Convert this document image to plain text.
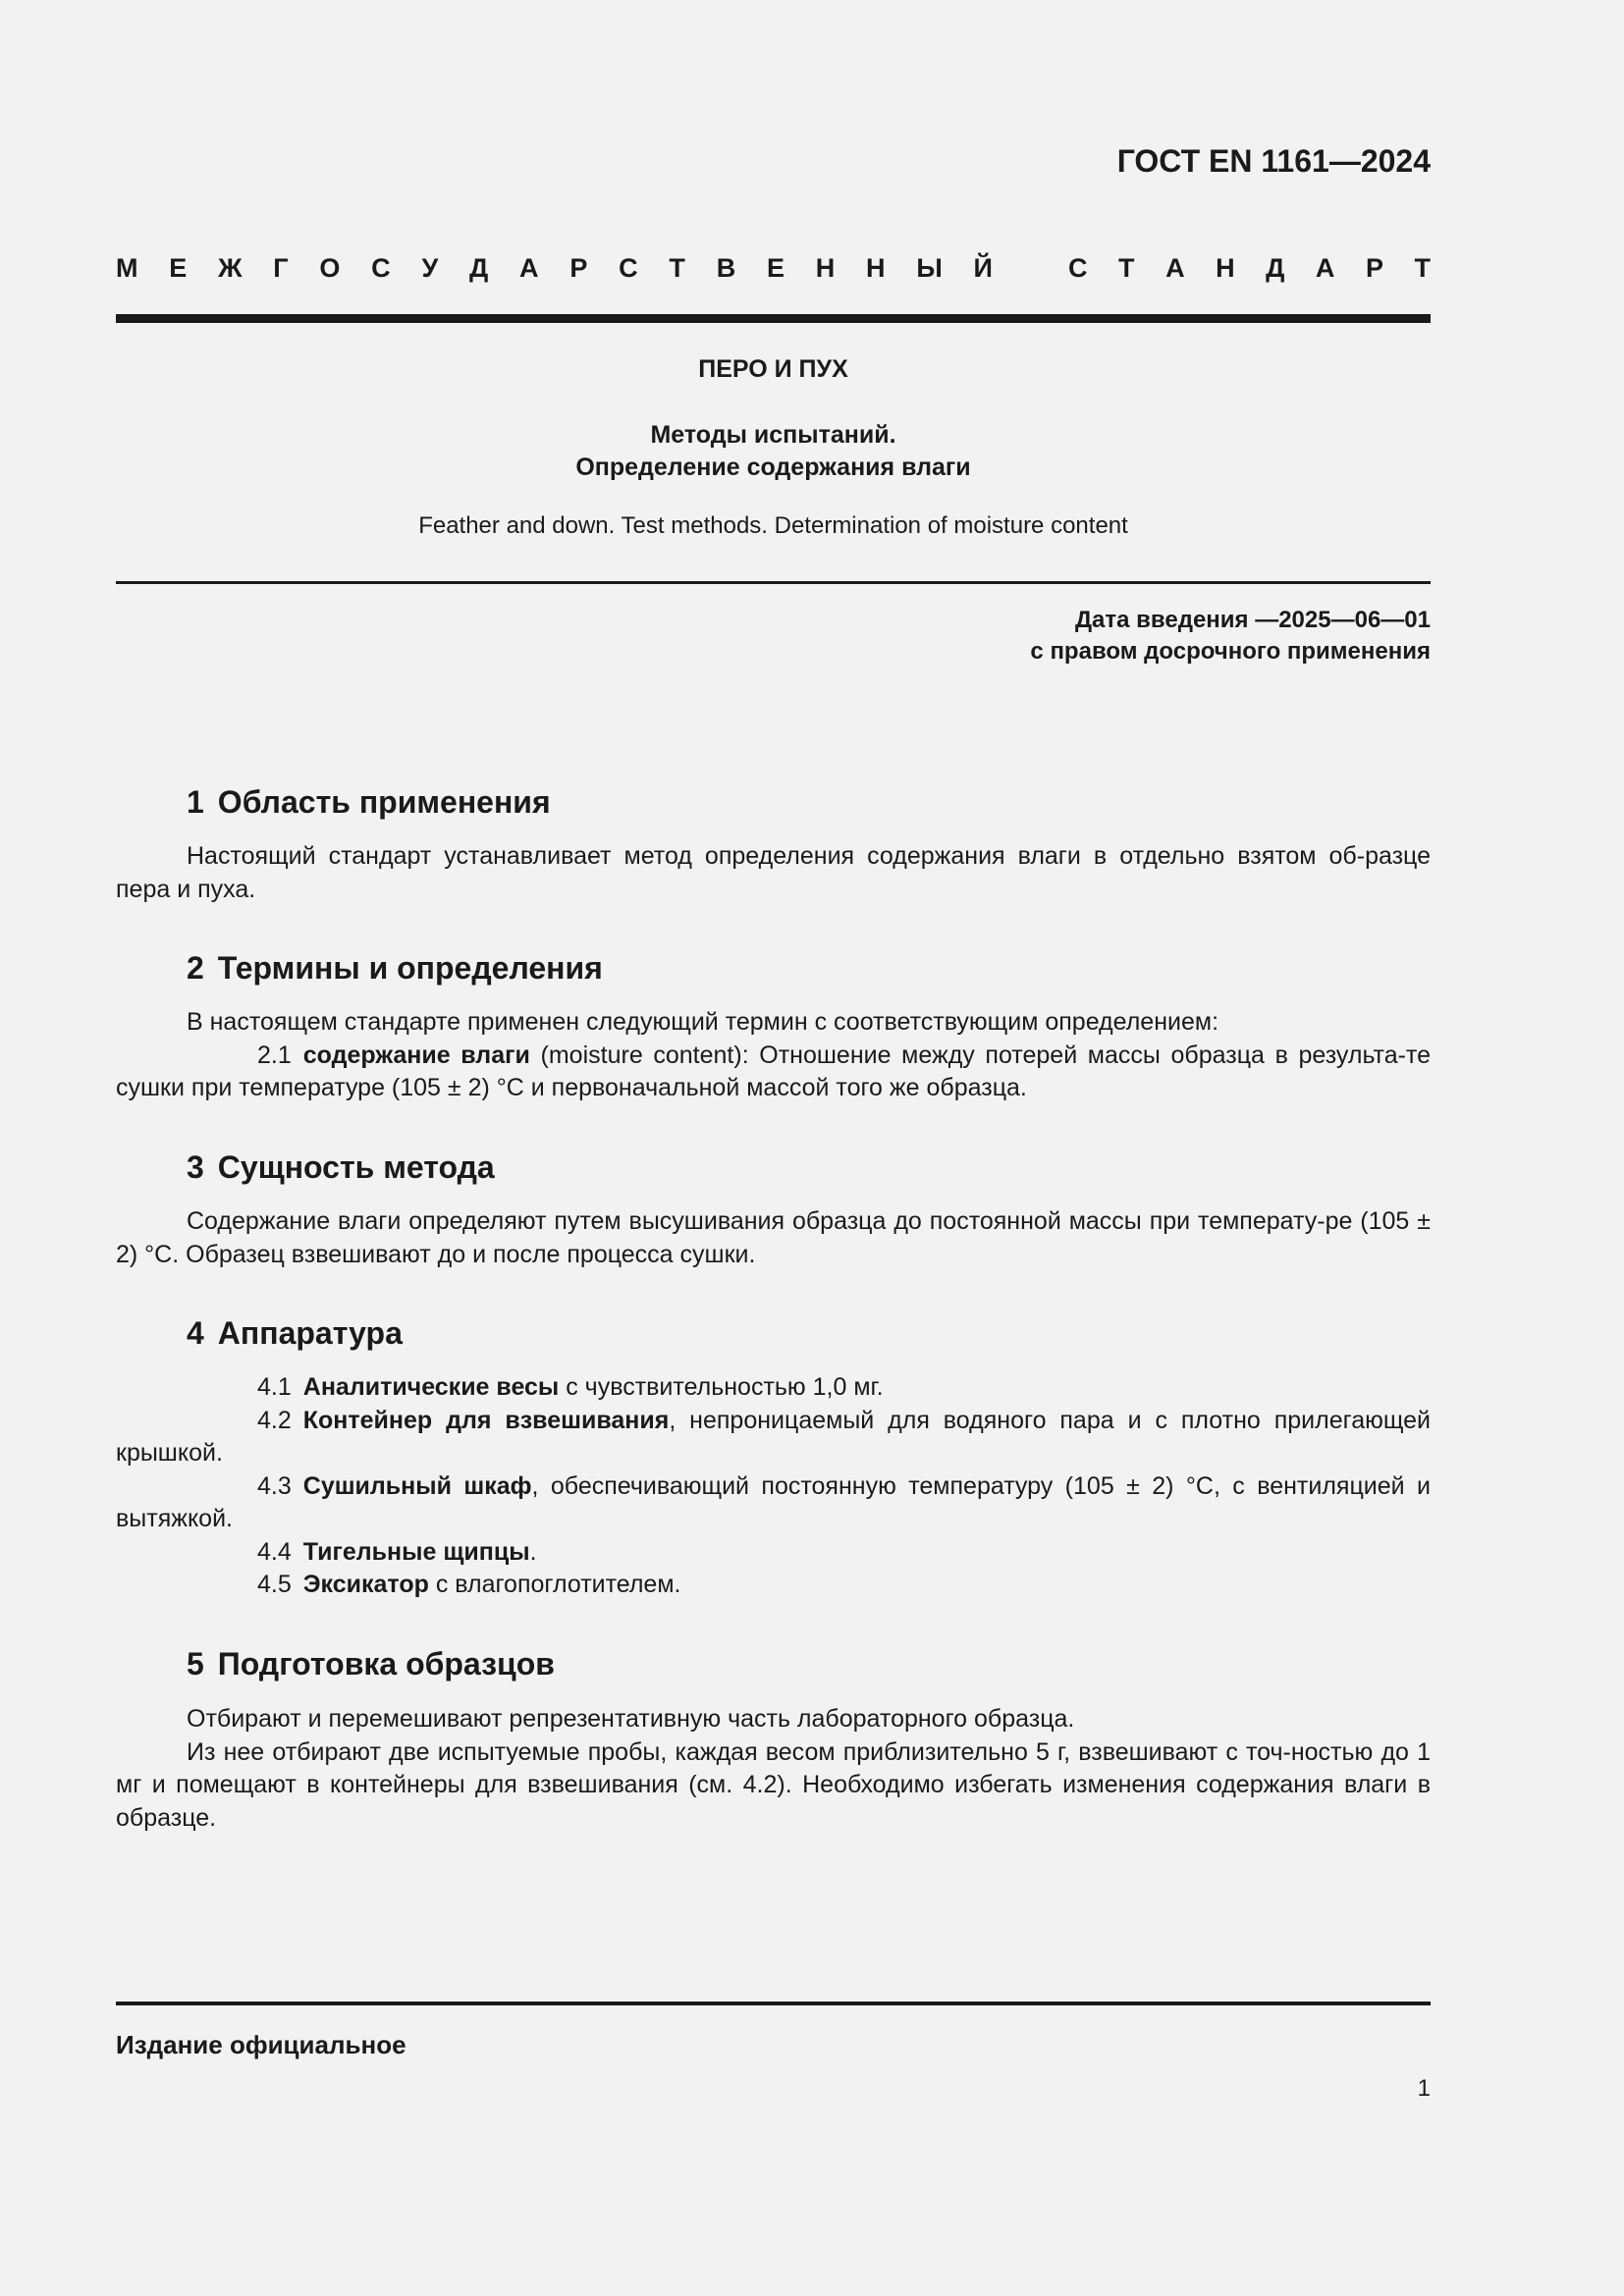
ГОСТ EN 1161—2024
М Е Ж Г О С У Д А Р С Т В Е Н Н Ы Й	С Т А Н Д А Р Т
ПЕРО И ПУХ
Методы испытаний.
Определение содержания влаги
Feather and down. Test methods. Determination of moisture content
Дата введения —2025—06—01
с правом досрочного применения
1 Область применения

Настоящий стандарт устанавливает метод определения содержания влаги в отдельно взятом об-разце пера и пуха.

2 Термины и определения

В настоящем стандарте применен следующий термин с соответствующим определением:

2.1 содержание влаги (moisture content): Отношение между потерей массы образца в результа-те сушки при температуре (105 ± 2) °С и первоначальной массой того же образца.

3 Сущность метода

Содержание влаги определяют путем высушивания образца до постоянной массы при температу-ре (105 ± 2) °С. Образец взвешивают до и после процесса сушки.

4 Аппаратура

4.1 Аналитические весы с чувствительностью 1,0 мг.

4.2 Контейнер для взвешивания, непроницаемый для водяного пара и с плотно прилегающей крышкой.

4.3 Сушильный шкаф, обеспечивающий постоянную температуру (105 ± 2) °С, с вентиляцией и вытяжкой.

4.4 Тигельные щипцы.

4.5 Эксикатор с влагопоглотителем.

5 Подготовка образцов

Отбирают и перемешивают репрезентативную часть лабораторного образца.

Из нее отбирают две испытуемые пробы, каждая весом приблизительно 5 г, взвешивают с точ-ностью до 1 мг и помещают в контейнеры для взвешивания (см. 4.2). Необходимо избегать изменения содержания влаги в образце.

Издание официальное
1
